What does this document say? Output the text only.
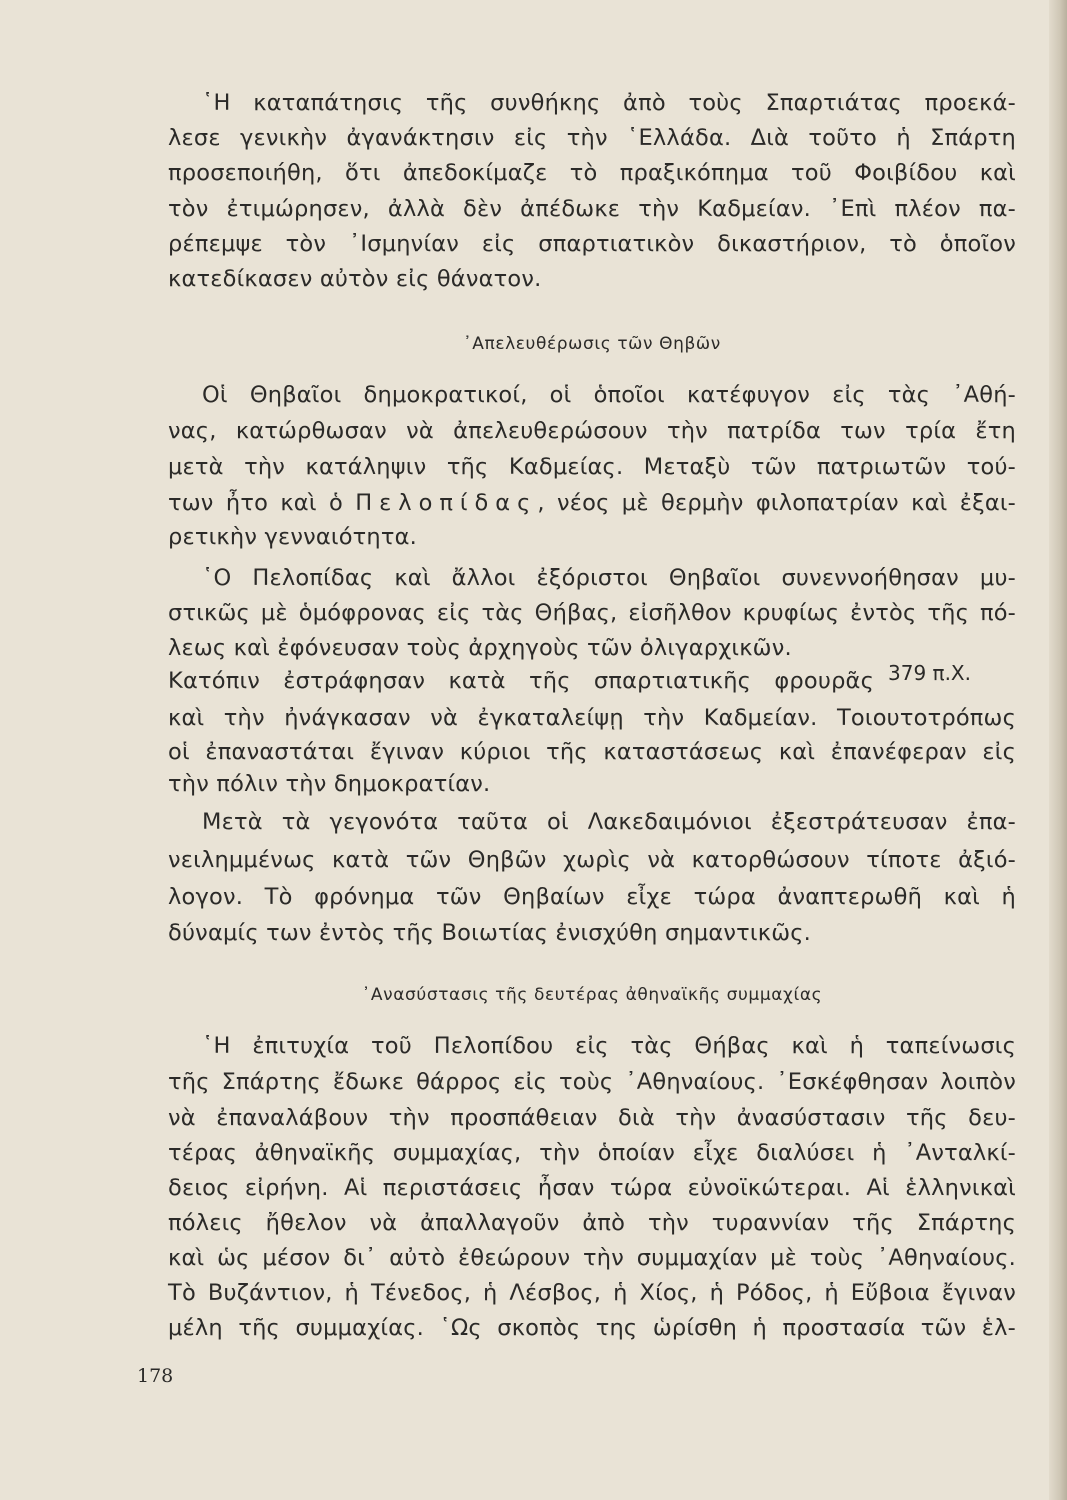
῾Η καταπάτησις τῆς συνθήκης ἀπὸ τοὺς Σπαρτιάτας προεκά-
λεσε γενικὴν ἀγανάκτησιν εἰς τὴν ῾Ελλάδα. Διὰ τοῦτο ἡ Σπάρτη
προσεποιήθη, ὅτι ἀπεδοκίμαζε τὸ πραξικόπημα τοῦ Φοιβίδου καὶ
τὸν ἐτιμώρησεν, ἀλλὰ δὲν ἀπέδωκε τὴν Καδμείαν. ᾿Επὶ πλέον πα-
ρέπεμψε τὸν ᾿Ισμηνίαν εἰς σπαρτιατικὸν δικαστήριον, τὸ ὁποῖον
κατεδίκασεν αὐτὸν εἰς θάνατον.
᾿Απελευθέρωσις τῶν Θηβῶν
Οἱ Θηβαῖοι δημοκρατικοί, οἱ ὁποῖοι κατέφυγον εἰς τὰς ᾿Αθή-
νας, κατώρθωσαν νὰ ἀπελευθερώσουν τὴν πατρίδα των τρία ἔτη
μετὰ τὴν κατάληψιν τῆς Καδμείας. Μεταξὺ τῶν πατριωτῶν τού-
των ἦτο καὶ ὁ Πελοπίδας, νέος μὲ θερμὴν φιλοπατρίαν καὶ ἐξαι-
ρετικὴν γενναιότητα.
῾Ο Πελοπίδας καὶ ἄλλοι ἐξόριστοι Θηβαῖοι συνεννοήθησαν μυ-
στικῶς μὲ ὁμόφρονας εἰς τὰς Θήβας, εἰσῆλθον κρυφίως ἐντὸς τῆς πό-
λεως καὶ ἐφόνευσαν τοὺς ἀρχηγοὺς τῶν ὀλιγαρχικῶν.
Κατόπιν ἐστράφησαν κατὰ τῆς σπαρτιατικῆς φρουρᾶς 379 π.Χ.
καὶ τὴν ἠνάγκασαν νὰ ἐγκαταλείψῃ τὴν Καδμείαν. Τοιουτοτρόπως
οἱ ἐπαναστάται ἔγιναν κύριοι τῆς καταστάσεως καὶ ἐπανέφεραν εἰς
τὴν πόλιν τὴν δημοκρατίαν.
Μετὰ τὰ γεγονότα ταῦτα οἱ Λακεδαιμόνιοι ἐξεστράτευσαν ἐπα-
νειλημμένως κατὰ τῶν Θηβῶν χωρὶς νὰ κατορθώσουν τίποτε ἀξιό-
λογον. Τὸ φρόνημα τῶν Θηβαίων εἶχε τώρα ἀναπτερωθῆ καὶ ἡ
δύναμίς των ἐντὸς τῆς Βοιωτίας ἐνισχύθη σημαντικῶς.
᾿Ανασύστασις τῆς δευτέρας ἀθηναϊκῆς συμμαχίας
῾Η ἐπιτυχία τοῦ Πελοπίδου εἰς τὰς Θήβας καὶ ἡ ταπείνωσις
τῆς Σπάρτης ἔδωκε θάρρος εἰς τοὺς ᾿Αθηναίους. ᾿Εσκέφθησαν λοιπὸν
νὰ ἐπαναλάβουν τὴν προσπάθειαν διὰ τὴν ἀνασύστασιν τῆς δευ-
τέρας ἀθηναϊκῆς συμμαχίας, τὴν ὁποίαν εἶχε διαλύσει ἡ ᾿Ανταλκί-
δειος εἰρήνη. Αἱ περιστάσεις ἦσαν τώρα εὐνοϊκώτεραι. Αἱ ἑλληνικαὶ
πόλεις ἤθελον νὰ ἀπαλλαγοῦν ἀπὸ τὴν τυραννίαν τῆς Σπάρτης
καὶ ὡς μέσον δι᾿ αὐτὸ ἐθεώρουν τὴν συμμαχίαν μὲ τοὺς ᾿Αθηναίους.
Τὸ Βυζάντιον, ἡ Τένεδος, ἡ Λέσβος, ἡ Χίος, ἡ Ρόδος, ἡ Εὔβοια ἔγιναν
μέλη τῆς συμμαχίας. ῾Ως σκοπὸς της ὡρίσθη ἡ προστασία τῶν ἑλ-
178
